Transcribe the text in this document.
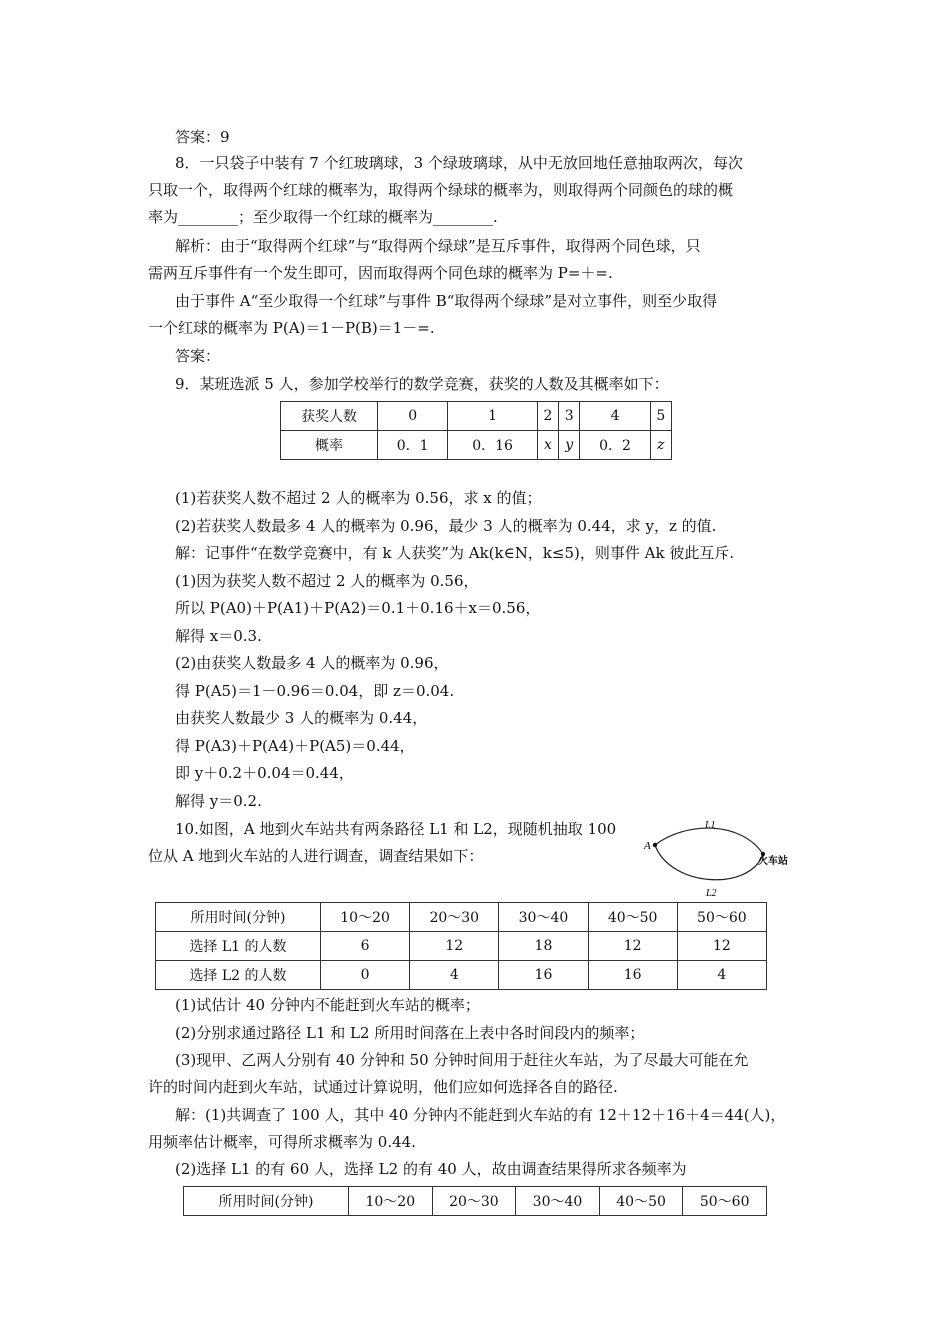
答案：9
8．一只袋子中装有 7 个红玻璃球，3 个绿玻璃球，从中无放回地任意抽取两次，每次
只取一个，取得两个红球的概率为，取得两个绿球的概率为，则取得两个同颜色的球的概
率为________；至少取得一个红球的概率为________.
解析：由于“取得两个红球”与“取得两个绿球”是互斥事件，取得两个同色球，只
需两互斥事件有一个发生即可，因而取得两个同色球的概率为 P=＋=.
由于事件 A“至少取得一个红球”与事件 B“取得两个绿球”是对立事件，则至少取得
一个红球的概率为 P(A)＝1－P(B)＝1－=.
答案：
9．某班选派 5 人，参加学校举行的数学竞赛，获奖的人数及其概率如下：
(1)若获奖人数不超过 2 人的概率为 0.56，求 x 的值；
(2)若获奖人数最多 4 人的概率为 0.96，最少 3 人的概率为 0.44，求 y，z 的值.
解：记事件“在数学竞赛中，有 k 人获奖”为 Ak(k∈N，k≤5)，则事件 Ak 彼此互斥.
(1)因为获奖人数不超过 2 人的概率为 0.56，
所以 P(A0)＋P(A1)＋P(A2)＝0.1＋0.16＋x＝0.56，
解得 x＝0.3.
(2)由获奖人数最多 4 人的概率为 0.96，
得 P(A5)＝1－0.96＝0.04，即 z＝0.04.
由获奖人数最少 3 人的概率为 0.44，
得 P(A3)＋P(A4)＋P(A5)＝0.44，
即 y＋0.2＋0.04＝0.44，
解得 y＝0.2.
10.如图，A 地到火车站共有两条路径 L1 和 L2，现随机抽取 100
位从 A 地到火车站的人进行调查，调查结果如下：
(1)试估计 40 分钟内不能赶到火车站的概率；
(2)分别求通过路径 L1 和 L2 所用时间落在上表中各时间段内的频率；
(3)现甲、乙两人分别有 40 分钟和 50 分钟时间用于赶往火车站，为了尽最大可能在允
许的时间内赶到火车站，试通过计算说明，他们应如何选择各自的路径.
解：(1)共调查了 100 人，其中 40 分钟内不能赶到火车站的有 12＋12＋16＋4＝44(人)，
用频率估计概率，可得所求概率为 0.44.
(2)选择 L1 的有 60 人，选择 L2 的有 40 人，故由调查结果得所求各频率为
获奖人数	0	1	2	3	4	5
概率	0．1	0．16	x	y	0．2	z
A
L1
L2
火车站
所用时间(分钟)	10～20	20～30	30～40	40～50	50～60
选择 L1 的人数	6	12	18	12	12
选择 L2 的人数	0	4	16	16	4
所用时间(分钟)	10～20	20～30	30～40	40～50	50～60
